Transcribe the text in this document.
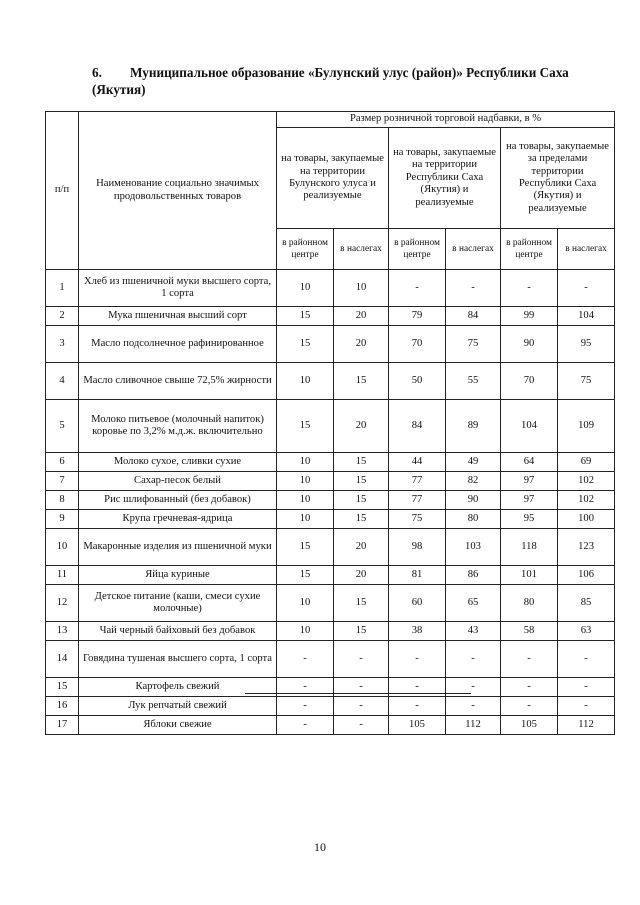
6. Муниципальное образование «Булунский улус (район)» Республики Саха (Якутия)
п/п	Наименование социально значимых продовольственных товаров	Размер розничной торговой надбавки, в %					
		на товары, закупаемые на территории Булунского улуса и реализуемые		на товары, закупаемые на территории Республики Саха (Якутия) и реализуемые		на товары, закупаемые за пределами территории Республики Саха (Якутия) и реализуемые	
		в районном центре	в наслегах	в районном центре	в наслегах	в районном центре	в наслегах
1	Хлеб из пшеничной муки высшего сорта, 1 сорта	10	10	-	-	-	-
2	Мука пшеничная высший сорт	15	20	79	84	99	104
3	Масло подсолнечное рафинированное	15	20	70	75	90	95
4	Масло сливочное свыше 72,5% жирности	10	15	50	55	70	75
5	Молоко питьевое (молочный напиток) коровье по 3,2% м.д.ж. включительно	15	20	84	89	104	109
6	Молоко сухое, сливки сухие	10	15	44	49	64	69
7	Сахар-песок белый	10	15	77	82	97	102
8	Рис шлифованный (без добавок)	10	15	77	90	97	102
9	Крупа гречневая-ядрица	10	15	75	80	95	100
10	Макаронные изделия из пшеничной муки	15	20	98	103	118	123
11	Яйца куриные	15	20	81	86	101	106
12	Детское питание (каши, смеси сухие молочные)	10	15	60	65	80	85
13	Чай черный байховый без добавок	10	15	38	43	58	63
14	Говядина тушеная высшего сорта, 1 сорта	-	-	-	-	-	-
15	Картофель свежий	-	-	-	-	-	-
16	Лук репчатый свежий	-	-	-	-	-	-
17	Яблоки свежие	-	-	105	112	105	112
10
